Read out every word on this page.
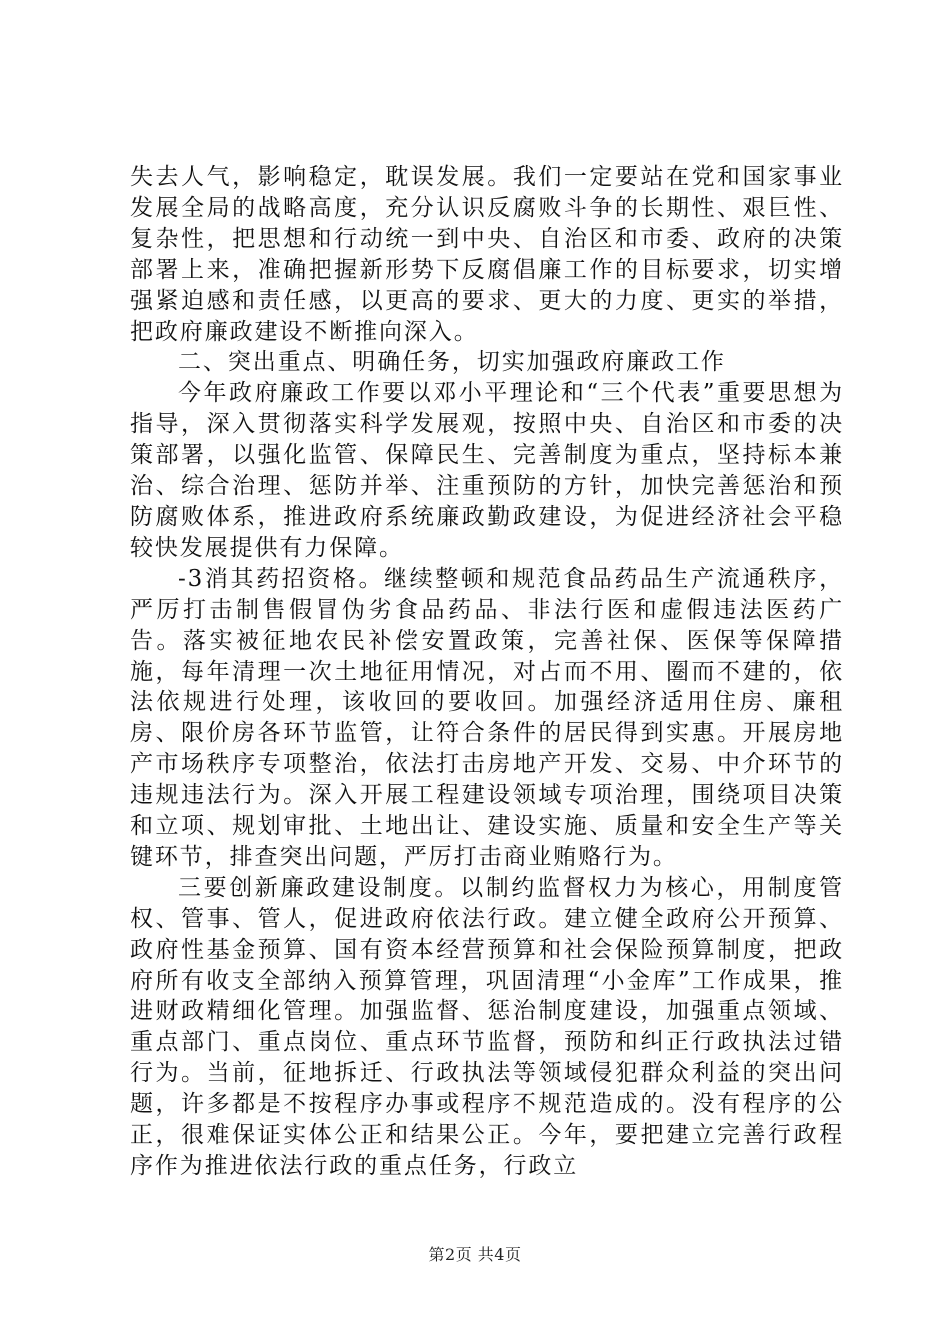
失去人气，影响稳定，耽误发展。我们一定要站在党和国家事业发展全局的战略高度，充分认识反腐败斗争的长期性、艰巨性、复杂性，把思想和行动统一到中央、自治区和市委、政府的决策部署上来，准确把握新形势下反腐倡廉工作的目标要求，切实增强紧迫感和责任感，以更高的要求、更大的力度、更实的举措，把政府廉政建设不断推向深入。

二、突出重点、明确任务，切实加强政府廉政工作

今年政府廉政工作要以邓小平理论和“三个代表”重要思想为指导，深入贯彻落实科学发展观，按照中央、自治区和市委的决策部署，以强化监管、保障民生、完善制度为重点，坚持标本兼治、综合治理、惩防并举、注重预防的方针，加快完善惩治和预防腐败体系，推进政府系统廉政勤政建设，为促进经济社会平稳较快发展提供有力保障。

-3消其药招资格。继续整顿和规范食品药品生产流通秩序，严厉打击制售假冒伪劣食品药品、非法行医和虚假违法医药广告。落实被征地农民补偿安置政策，完善社保、医保等保障措施，每年清理一次土地征用情况，对占而不用、圈而不建的，依法依规进行处理，该收回的要收回。加强经济适用住房、廉租房、限价房各环节监管，让符合条件的居民得到实惠。开展房地产市场秩序专项整治，依法打击房地产开发、交易、中介环节的违规违法行为。深入开展工程建设领域专项治理，围绕项目决策和立项、规划审批、土地出让、建设实施、质量和安全生产等关键环节，排查突出问题，严厉打击商业贿赂行为。

三要创新廉政建设制度。以制约监督权力为核心，用制度管权、管事、管人，促进政府依法行政。建立健全政府公开预算、政府性基金预算、国有资本经营预算和社会保险预算制度，把政府所有收支全部纳入预算管理，巩固清理“小金库”工作成果，推进财政精细化管理。加强监督、惩治制度建设，加强重点领域、重点部门、重点岗位、重点环节监督，预防和纠正行政执法过错行为。当前，征地拆迁、行政执法等领域侵犯群众利益的突出问题，许多都是不按程序办事或程序不规范造成的。没有程序的公正，很难保证实体公正和结果公正。今年，要把建立完善行政程序作为推进依法行政的重点任务，行政立

第2页 共4页
